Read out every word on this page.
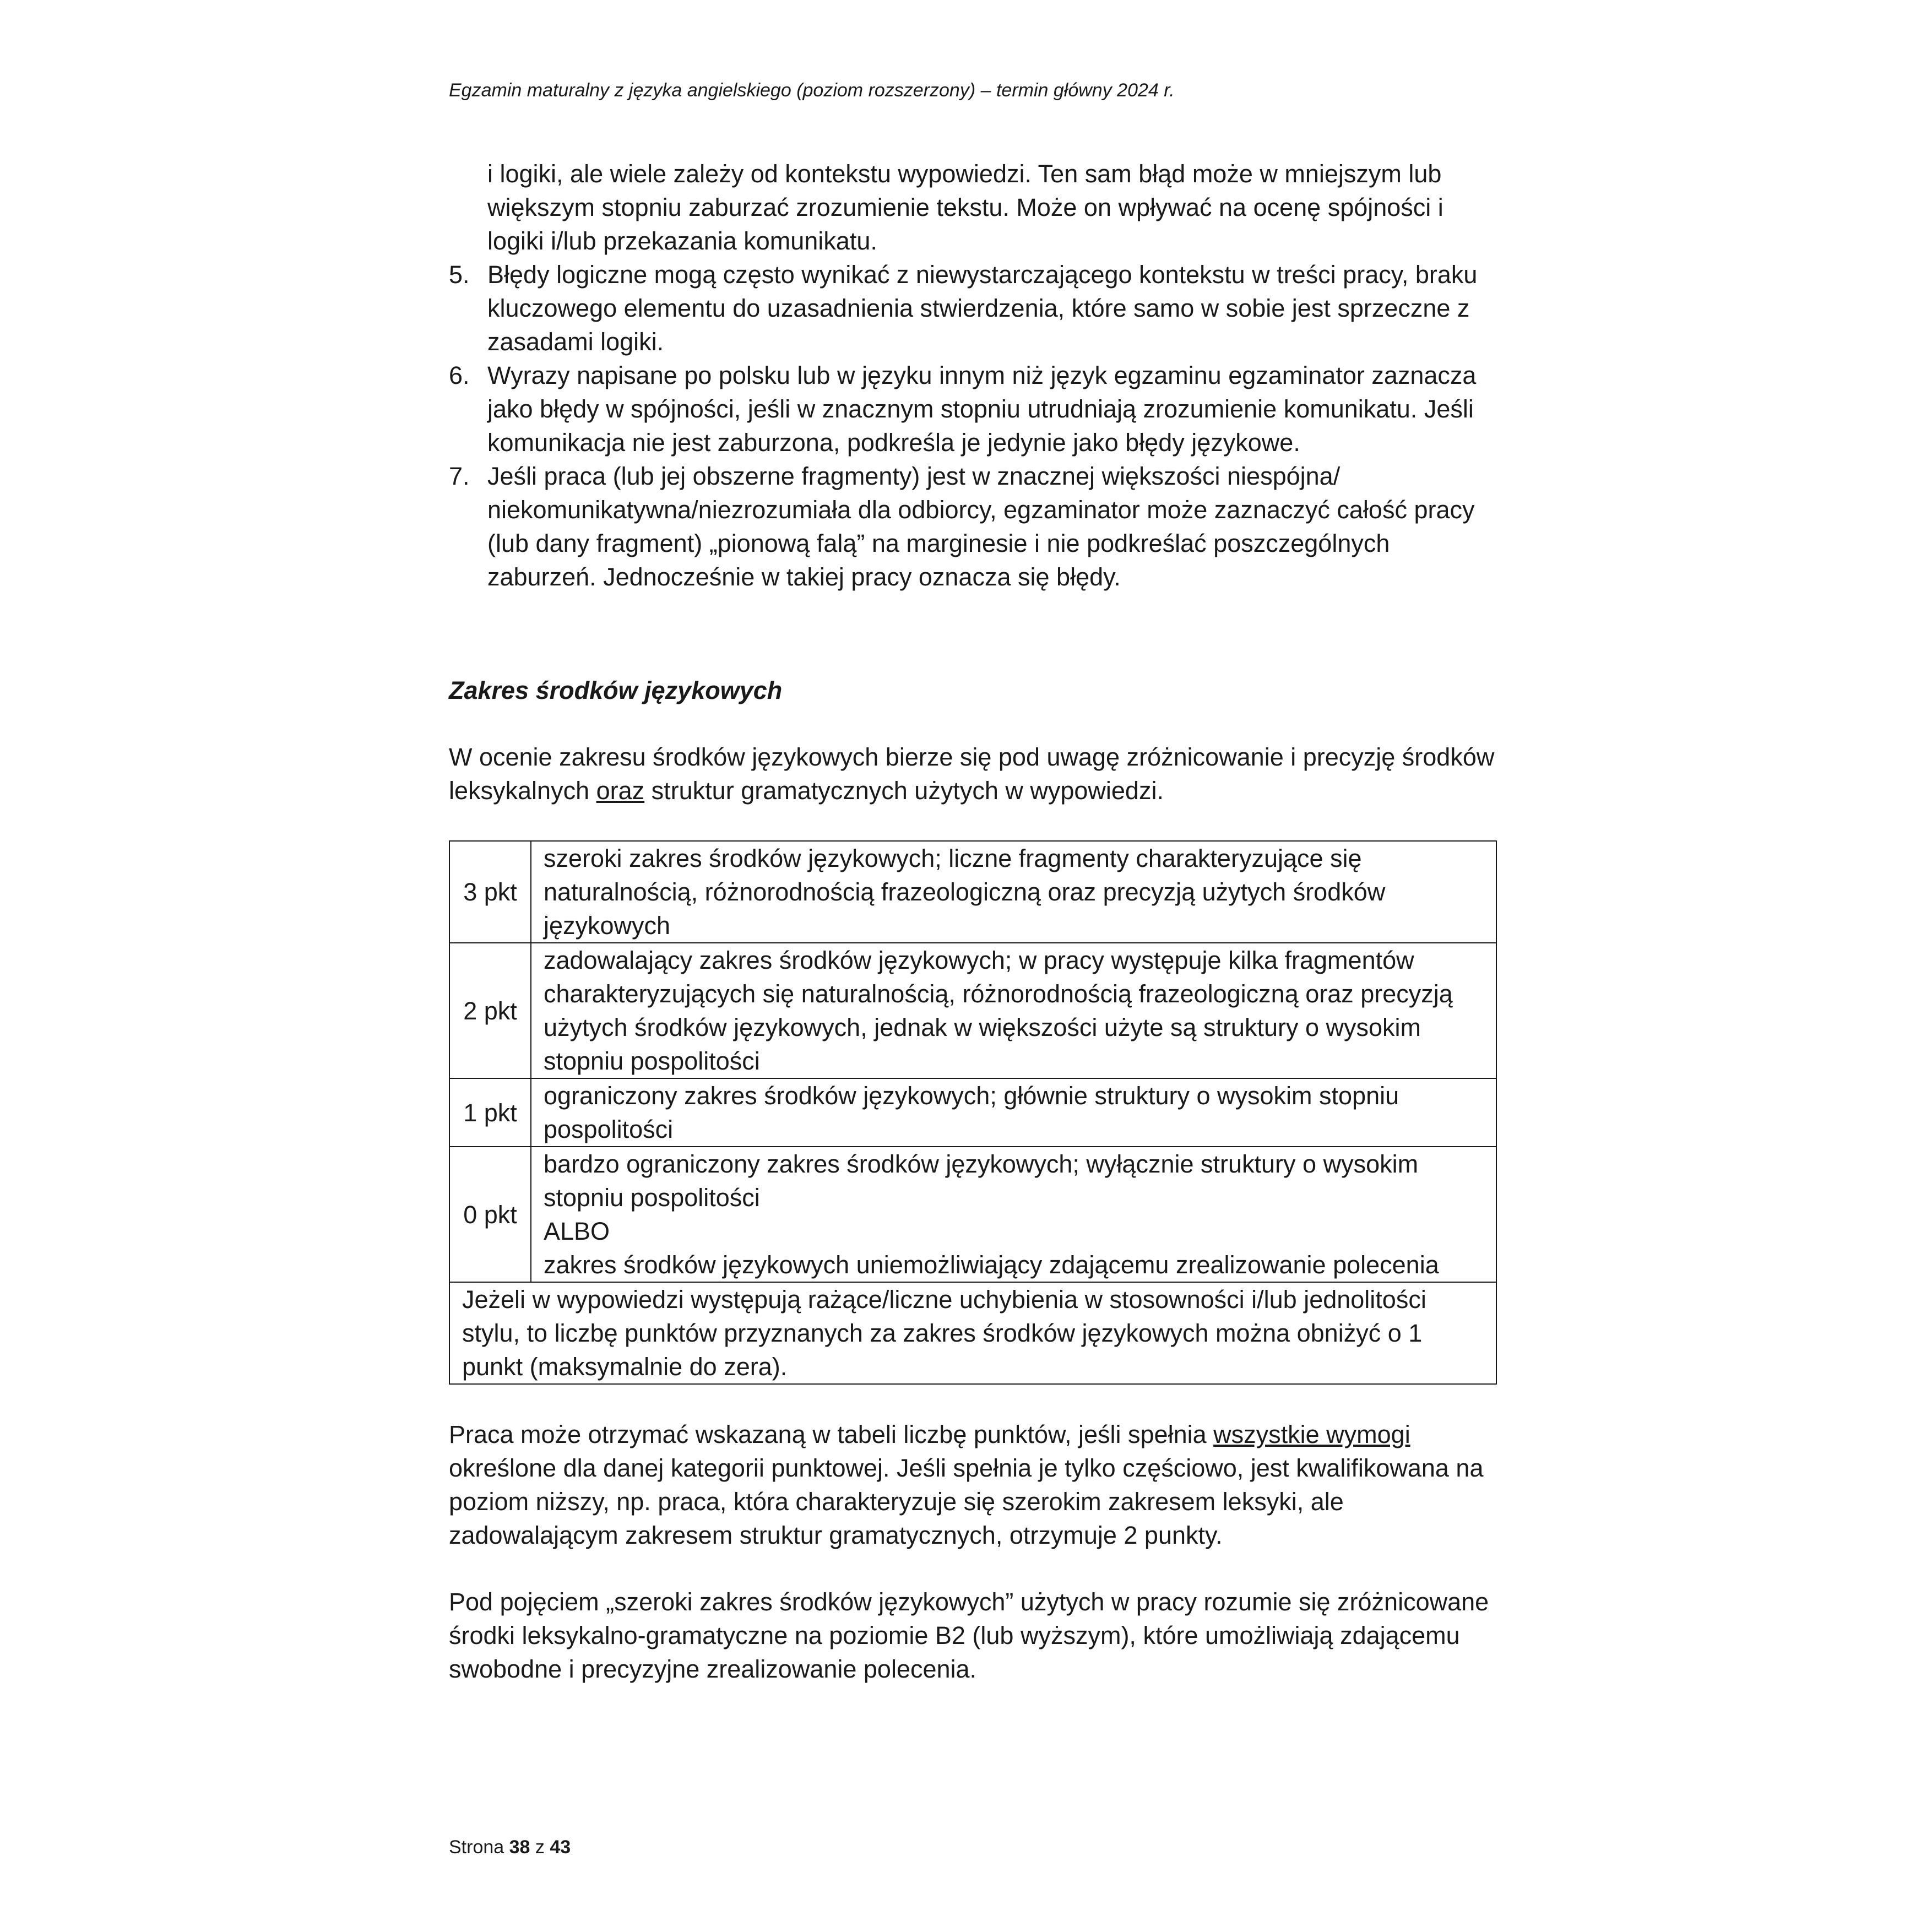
Egzamin maturalny z języka angielskiego (poziom rozszerzony) – termin główny 2024 r.

i logiki, ale wiele zależy od kontekstu wypowiedzi. Ten sam błąd może w mniejszym lub większym stopniu zaburzać zrozumienie tekstu. Może on wpływać na ocenę spójności i logiki i/lub przekazania komunikatu.

5. Błędy logiczne mogą często wynikać z niewystarczającego kontekstu w treści pracy, braku kluczowego elementu do uzasadnienia stwierdzenia, które samo w sobie jest sprzeczne z zasadami logiki.
6. Wyrazy napisane po polsku lub w języku innym niż język egzaminu egzaminator zaznacza jako błędy w spójności, jeśli w znacznym stopniu utrudniają zrozumienie komunikatu. Jeśli komunikacja nie jest zaburzona, podkreśla je jedynie jako błędy językowe.
7. Jeśli praca (lub jej obszerne fragmenty) jest w znacznej większości niespójna/ niekomunikatywna/niezrozumiała dla odbiorcy, egzaminator może zaznaczyć całość pracy (lub dany fragment) „pionową falą” na marginesie i nie podkreślać poszczególnych zaburzeń. Jednocześnie w takiej pracy oznacza się błędy.
Zakres środków językowych

W ocenie zakresu środków językowych bierze się pod uwagę zróżnicowanie i precyzję środków leksykalnych oraz struktur gramatycznych użytych w wypowiedzi.

3 pkt	szeroki zakres środków językowych; liczne fragmenty charakteryzujące się naturalnością, różnorodnością frazeologiczną oraz precyzją użytych środków językowych

2 pkt	zadowalający zakres środków językowych; w pracy występuje kilka fragmentów charakteryzujących się naturalnością, różnorodnością frazeologiczną oraz precyzją użytych środków językowych, jednak w większości użyte są struktury o wysokim stopniu pospolitości

1 pkt	ograniczony zakres środków językowych; głównie struktury o wysokim stopniu pospolitości

0 pkt	bardzo ograniczony zakres środków językowych; wyłącznie struktury o wysokim stopniu pospolitości
ALBO
zakres środków językowych uniemożliwiający zdającemu zrealizowanie polecenia

Jeżeli w wypowiedzi występują rażące/liczne uchybienia w stosowności i/lub jednolitości stylu, to liczbę punktów przyznanych za zakres środków językowych można obniżyć o 1 punkt (maksymalnie do zera).	

Praca może otrzymać wskazaną w tabeli liczbę punktów, jeśli spełnia wszystkie wymogi określone dla danej kategorii punktowej. Jeśli spełnia je tylko częściowo, jest kwalifikowana na poziom niższy, np. praca, która charakteryzuje się szerokim zakresem leksyki, ale zadowalającym zakresem struktur gramatycznych, otrzymuje 2 punkty.

Pod pojęciem „szeroki zakres środków językowych” użytych w pracy rozumie się zróżnicowane środki leksykalno-gramatyczne na poziomie B2 (lub wyższym), które umożliwiają zdającemu swobodne i precyzyjne zrealizowanie polecenia.

Strona 38 z 43
